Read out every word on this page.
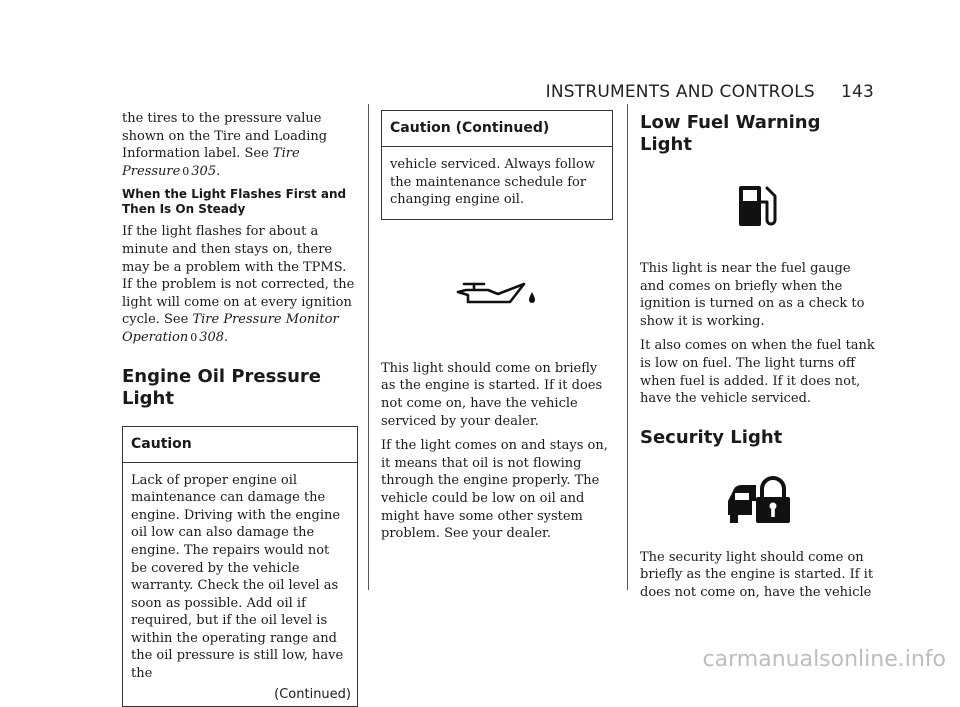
INSTRUMENTS AND CONTROLS 143

the tires to the pressure value shown on the Tire and Loading Information label. See Tire Pressure 0 305.

When the Light Flashes First and Then Is On Steady

If the light flashes for about a minute and then stays on, there may be a problem with the TPMS. If the problem is not corrected, the light will come on at every ignition cycle. See Tire Pressure Monitor Operation 0 308.

Engine Oil Pressure Light
Caution

Lack of proper engine oil maintenance can damage the engine. Driving with the engine oil low can also damage the engine. The repairs would not be covered by the vehicle warranty. Check the oil level as soon as possible. Add oil if required, but if the oil level is within the operating range and the oil pressure is still low, have the

(Continued)
Caution (Continued)

vehicle serviced. Always follow the maintenance schedule for changing engine oil.

This light should come on briefly as the engine is started. If it does not come on, have the vehicle serviced by your dealer.

If the light comes on and stays on, it means that oil is not flowing through the engine properly. The vehicle could be low on oil and might have some other system problem. See your dealer.

Low Fuel Warning Light

This light is near the fuel gauge and comes on briefly when the ignition is turned on as a check to show it is working.

It also comes on when the fuel tank is low on fuel. The light turns off when fuel is added. If it does not, have the vehicle serviced.

Security Light

The security light should come on briefly as the engine is started. If it does not come on, have the vehicle

carmanualsonline.info
